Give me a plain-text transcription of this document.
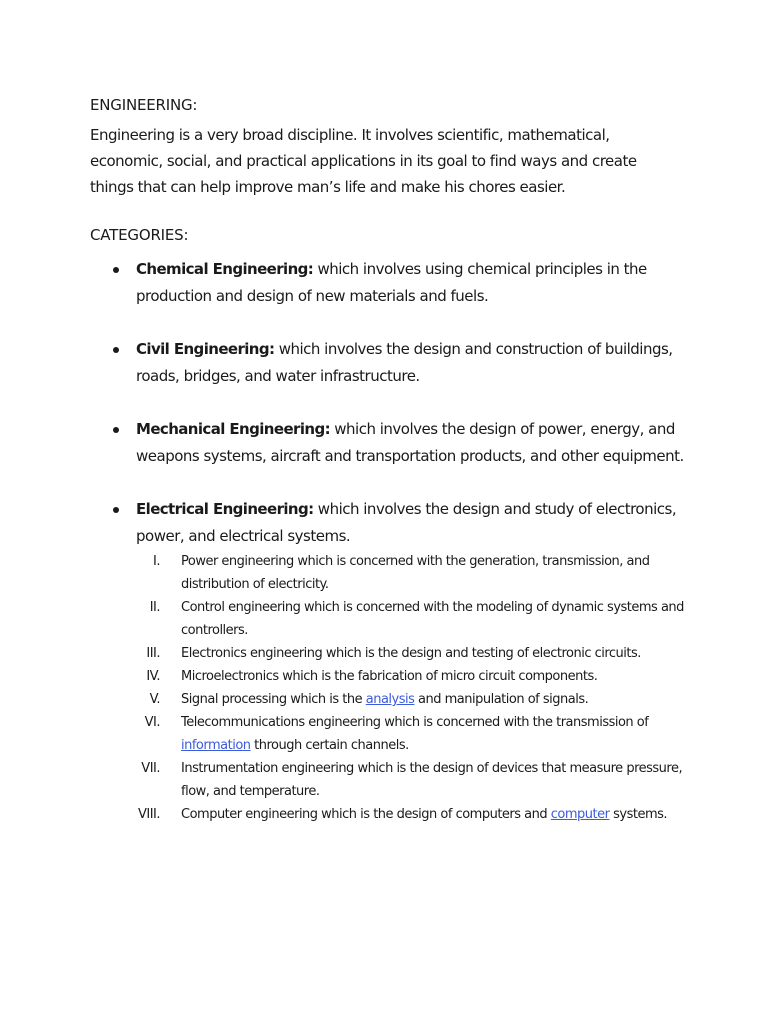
ENGINEERING:

Engineering is a very broad discipline. It involves scientific, mathematical, economic, social, and practical applications in its goal to find ways and create things that can help improve man’s life and make his chores easier.

CATEGORIES:
Chemical Engineering: which involves using chemical principles in the production and design of new materials and fuels.
Civil Engineering: which involves the design and construction of buildings, roads, bridges, and water infrastructure.
Mechanical Engineering: which involves the design of power, energy, and weapons systems, aircraft and transportation products, and other equipment.
Electrical Engineering: which involves the design and study of electronics, power, and electrical systems.
I. Power engineering which is concerned with the generation, transmission, and distribution of electricity.
II. Control engineering which is concerned with the modeling of dynamic systems and controllers.
III. Electronics engineering which is the design and testing of electronic circuits.
IV. Microelectronics which is the fabrication of micro circuit components.
V. Signal processing which is the analysis and manipulation of signals.
VI. Telecommunications engineering which is concerned with the transmission of information through certain channels.
VII. Instrumentation engineering which is the design of devices that measure pressure, flow, and temperature.
VIII. Computer engineering which is the design of computers and computer systems.
